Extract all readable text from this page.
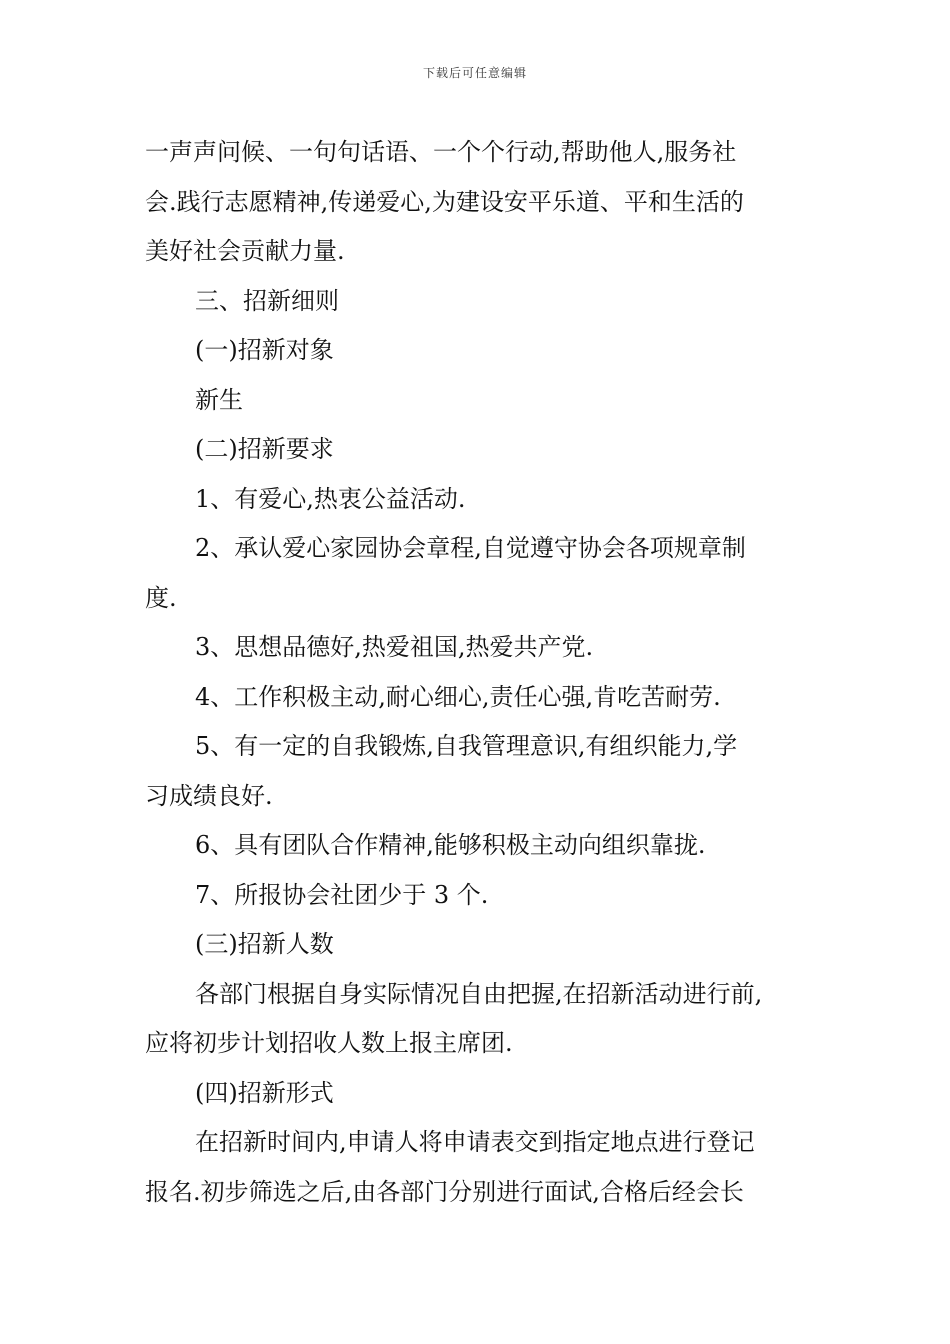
下载后可任意编辑
一声声问候、一句句话语、一个个行动,帮助他人,服务社
会.践行志愿精神,传递爱心,为建设安平乐道、平和生活的
美好社会贡献力量.
三、招新细则
(一)招新对象
新生
(二)招新要求
1、有爱心,热衷公益活动.
2、承认爱心家园协会章程,自觉遵守协会各项规章制
度.
3、思想品德好,热爱祖国,热爱共产党.
4、工作积极主动,耐心细心,责任心强,肯吃苦耐劳.
5、有一定的自我锻炼,自我管理意识,有组织能力,学
习成绩良好.
6、具有团队合作精神,能够积极主动向组织靠拢.
7、所报协会社团少于 3 个.
(三)招新人数
各部门根据自身实际情况自由把握,在招新活动进行前,
应将初步计划招收人数上报主席团.
(四)招新形式
在招新时间内,申请人将申请表交到指定地点进行登记
报名.初步筛选之后,由各部门分别进行面试,合格后经会长
